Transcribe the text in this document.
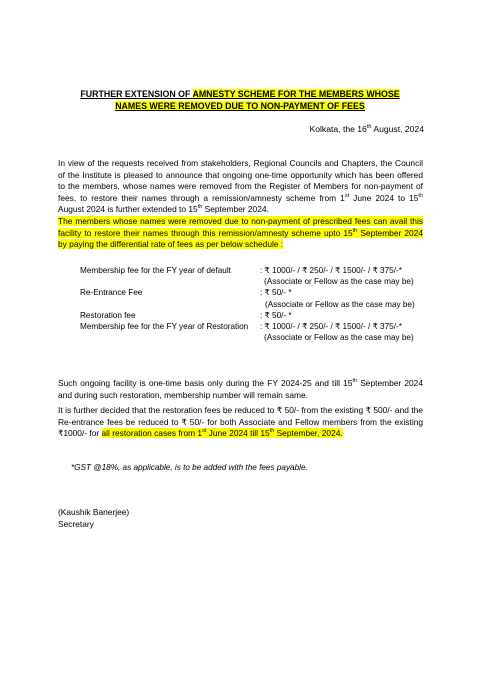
FURTHER EXTENSION OF AMNESTY SCHEME FOR THE MEMBERS WHOSE
NAMES WERE REMOVED DUE TO NON-PAYMENT OF FEES
Kolkata, the 16th August, 2024
In view of the requests received from stakeholders, Regional Councils and Chapters, the Council of the Institute is pleased to announce that ongoing one-time opportunity which has been offered to the members, whose names were removed from the Register of Members for non-payment of fees, to restore their names through a remission/amnesty scheme from 1st June 2024 to 15th August 2024 is further extended to 15th September 2024.
The members whose names were removed due to non-payment of prescribed fees can avail this facility to restore their names through this remission/amnesty scheme upto 15th September 2024 by paying the differential rate of fees as per below schedule :
Membership fee for the FY year of default	: ₹ 1000/- / ₹ 250/- / ₹ 1500/- / ₹ 375/-*
(Associate or Fellow as the case may be)
Re-Entrance Fee	: ₹ 50/- *
(Associate or Fellow as the case may be)
Restoration fee	: ₹ 50/- *
Membership fee for the FY year of Restoration	: ₹ 1000/- / ₹ 250/- / ₹ 1500/- / ₹ 375/-*
(Associate or Fellow as the case may be)
Such ongoing facility is one-time basis only during the FY 2024-25 and till 15th September 2024 and during such restoration, membership number will remain same.
It is further decided that the restoration fees be reduced to ₹ 50/- from the existing ₹ 500/- and the Re-entrance fees be reduced to ₹ 50/- for both Associate and Fellow members from the existing ₹1000/- for all restoration cases from 1st June 2024 till 15th September, 2024.
*GST @18%, as applicable, is to be added with the fees payable.
(Kaushik Banerjee)
Secretary
